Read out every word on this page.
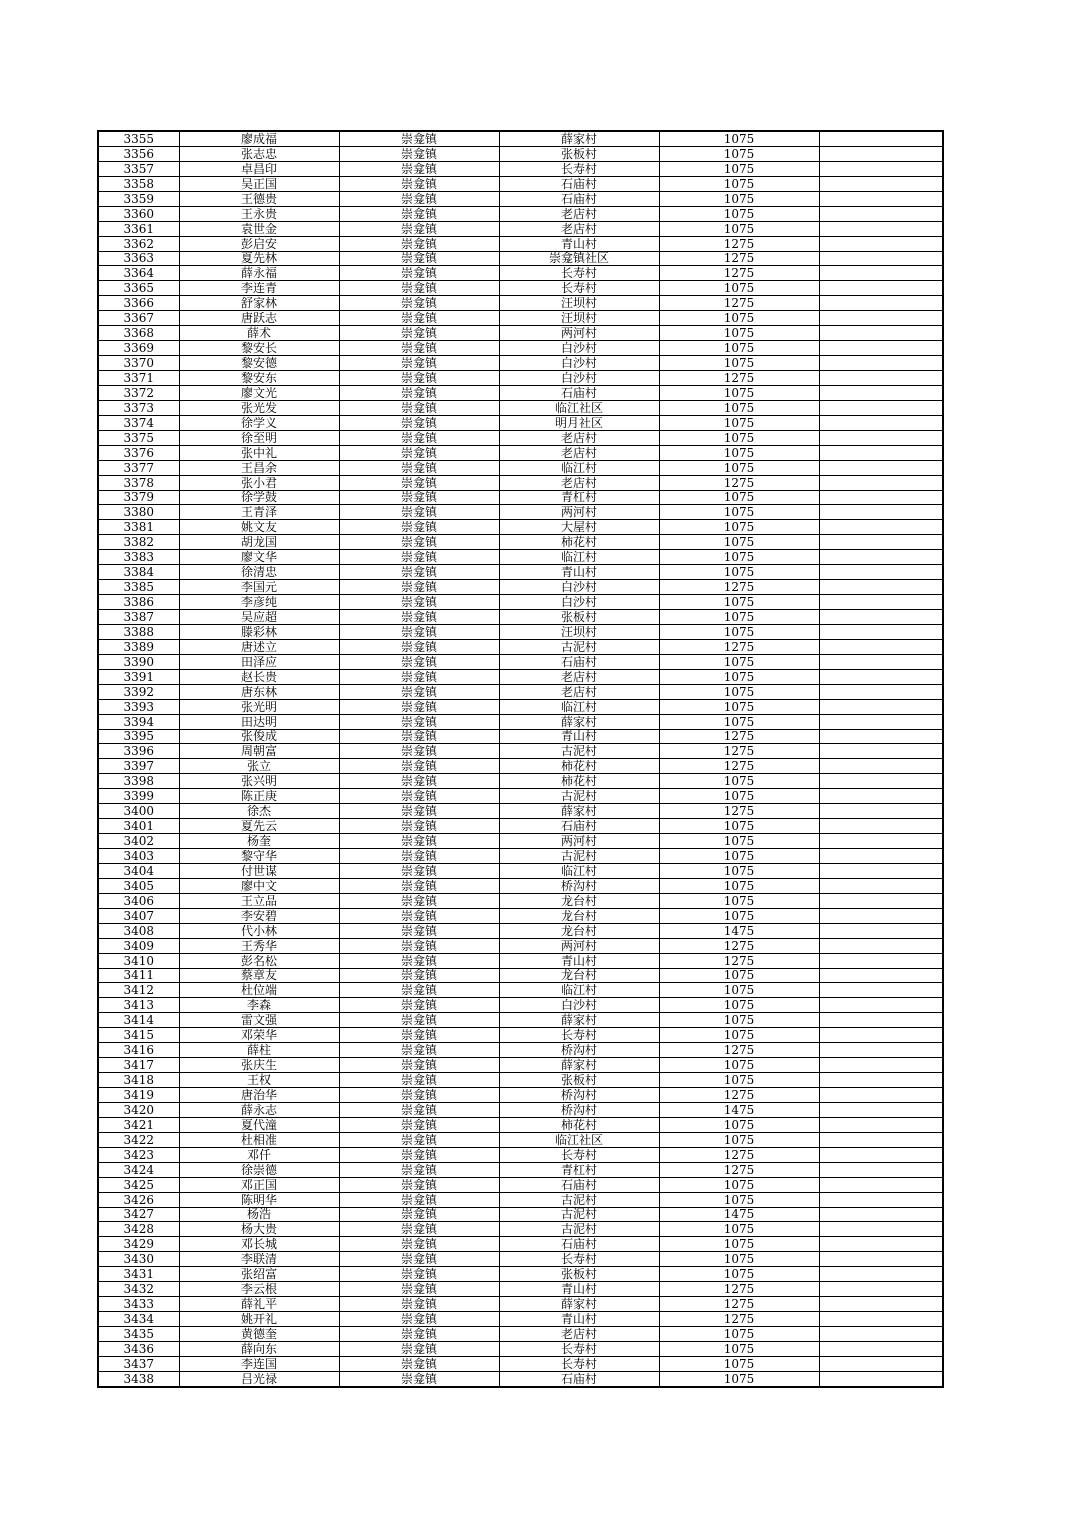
3355	廖成福	崇龛镇	薛家村	1075	
3356	张志忠	崇龛镇	张板村	1075	
3357	卓昌印	崇龛镇	长寿村	1075	
3358	吴正国	崇龛镇	石庙村	1075	
3359	王德贵	崇龛镇	石庙村	1075	
3360	王永贵	崇龛镇	老店村	1075	
3361	袁世金	崇龛镇	老店村	1075	
3362	彭启安	崇龛镇	青山村	1275	
3363	夏先林	崇龛镇	崇龛镇社区	1275	
3364	薛永福	崇龛镇	长寿村	1275	
3365	李连青	崇龛镇	长寿村	1075	
3366	舒家林	崇龛镇	汪坝村	1275	
3367	唐跃志	崇龛镇	汪坝村	1075	
3368	薛术	崇龛镇	两河村	1075	
3369	黎安长	崇龛镇	白沙村	1075	
3370	黎安德	崇龛镇	白沙村	1075	
3371	黎安东	崇龛镇	白沙村	1275	
3372	廖文光	崇龛镇	石庙村	1075	
3373	张光发	崇龛镇	临江社区	1075	
3374	徐学义	崇龛镇	明月社区	1075	
3375	徐至明	崇龛镇	老店村	1075	
3376	张中礼	崇龛镇	老店村	1075	
3377	王昌余	崇龛镇	临江村	1075	
3378	张小君	崇龛镇	老店村	1275	
3379	徐学鼓	崇龛镇	青杠村	1075	
3380	王青泽	崇龛镇	两河村	1075	
3381	姚文友	崇龛镇	大屋村	1075	
3382	胡龙国	崇龛镇	柿花村	1075	
3383	廖文华	崇龛镇	临江村	1075	
3384	徐清忠	崇龛镇	青山村	1075	
3385	李国元	崇龛镇	白沙村	1275	
3386	李彦纯	崇龛镇	白沙村	1075	
3387	吴应超	崇龛镇	张板村	1075	
3388	滕彩林	崇龛镇	汪坝村	1075	
3389	唐述立	崇龛镇	古泥村	1275	
3390	田泽应	崇龛镇	石庙村	1075	
3391	赵长贵	崇龛镇	老店村	1075	
3392	唐东林	崇龛镇	老店村	1075	
3393	张光明	崇龛镇	临江村	1075	
3394	田达明	崇龛镇	薛家村	1075	
3395	张俊成	崇龛镇	青山村	1275	
3396	周朝富	崇龛镇	古泥村	1275	
3397	张立	崇龛镇	柿花村	1275	
3398	张兴明	崇龛镇	柿花村	1075	
3399	陈正庚	崇龛镇	古泥村	1075	
3400	徐杰	崇龛镇	薛家村	1275	
3401	夏先云	崇龛镇	石庙村	1075	
3402	杨奎	崇龛镇	两河村	1075	
3403	黎守华	崇龛镇	古泥村	1075	
3404	付世谋	崇龛镇	临江村	1075	
3405	廖中文	崇龛镇	桥沟村	1075	
3406	王立品	崇龛镇	龙台村	1075	
3407	李安碧	崇龛镇	龙台村	1075	
3408	代小林	崇龛镇	龙台村	1475	
3409	王秀华	崇龛镇	两河村	1275	
3410	彭名松	崇龛镇	青山村	1275	
3411	蔡章友	崇龛镇	龙台村	1075	
3412	杜位端	崇龛镇	临江村	1075	
3413	李森	崇龛镇	白沙村	1075	
3414	雷文强	崇龛镇	薛家村	1075	
3415	邓荣华	崇龛镇	长寿村	1075	
3416	薛柱	崇龛镇	桥沟村	1275	
3417	张庆生	崇龛镇	薛家村	1075	
3418	王权	崇龛镇	张板村	1075	
3419	唐治华	崇龛镇	桥沟村	1275	
3420	薛永志	崇龛镇	桥沟村	1475	
3421	夏代潼	崇龛镇	柿花村	1075	
3422	杜相准	崇龛镇	临江社区	1075	
3423	邓仟	崇龛镇	长寿村	1275	
3424	徐崇德	崇龛镇	青杠村	1275	
3425	邓正国	崇龛镇	石庙村	1075	
3426	陈明华	崇龛镇	古泥村	1075	
3427	杨浩	崇龛镇	古泥村	1475	
3428	杨大贵	崇龛镇	古泥村	1075	
3429	邓长城	崇龛镇	石庙村	1075	
3430	李联清	崇龛镇	长寿村	1075	
3431	张绍富	崇龛镇	张板村	1075	
3432	李云根	崇龛镇	青山村	1275	
3433	薛礼平	崇龛镇	薛家村	1275	
3434	姚开礼	崇龛镇	青山村	1275	
3435	黄德奎	崇龛镇	老店村	1075	
3436	薛向东	崇龛镇	长寿村	1075	
3437	李连国	崇龛镇	长寿村	1075	
3438	吕光禄	崇龛镇	石庙村	1075	
